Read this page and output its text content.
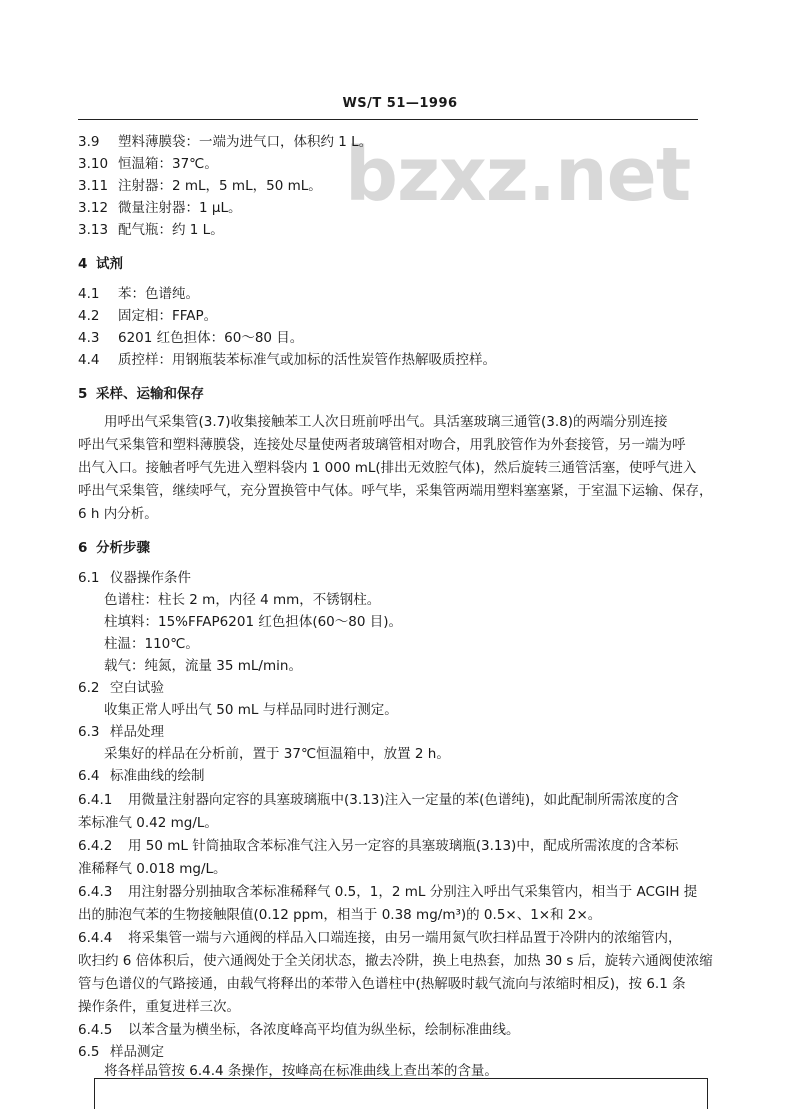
WS/T 51—1996
bzxz.net
3.9 塑料薄膜袋：一端为进气口，体积约 1 L。
3.10 恒温箱：37℃。
3.11 注射器：2 mL，5 mL，50 mL。
3.12 微量注射器：1 μL。
3.13 配气瓶：约 1 L。
4 试剂
4.1 苯：色谱纯。
4.2 固定相：FFAP。
4.3 6201 红色担体：60～80 目。
4.4 质控样：用钢瓶装苯标准气或加标的活性炭管作热解吸质控样。
5 采样、运输和保存
用呼出气采集管(3.7)收集接触苯工人次日班前呼出气。具活塞玻璃三通管(3.8)的两端分别连接
呼出气采集管和塑料薄膜袋，连接处尽量使两者玻璃管相对吻合，用乳胶管作为外套接管，另一端为呼
出气入口。接触者呼气先进入塑料袋内 1 000 mL(排出无效腔气体)，然后旋转三通管活塞，使呼气进入
呼出气采集管，继续呼气，充分置换管中气体。呼气毕，采集管两端用塑料塞塞紧，于室温下运输、保存，
6 h 内分析。
6 分析步骤
6.1 仪器操作条件
色谱柱：柱长 2 m，内径 4 mm，不锈钢柱。
柱填料：15%FFAP6201 红色担体(60～80 目)。
柱温：110℃。
载气：纯氮，流量 35 mL/min。
6.2 空白试验
收集正常人呼出气 50 mL 与样品同时进行测定。
6.3 样品处理
采集好的样品在分析前，置于 37℃恒温箱中，放置 2 h。
6.4 标准曲线的绘制
6.4.1 用微量注射器向定容的具塞玻璃瓶中(3.13)注入一定量的苯(色谱纯)，如此配制所需浓度的含
苯标准气 0.42 mg/L。
6.4.2 用 50 mL 针筒抽取含苯标准气注入另一定容的具塞玻璃瓶(3.13)中，配成所需浓度的含苯标
准稀释气 0.018 mg/L。
6.4.3 用注射器分别抽取含苯标准稀释气 0.5，1，2 mL 分别注入呼出气采集管内，相当于 ACGIH 提
出的肺泡气苯的生物接触限值(0.12 ppm，相当于 0.38 mg/m³)的 0.5×、1×和 2×。
6.4.4 将采集管一端与六通阀的样品入口端连接，由另一端用氮气吹扫样品置于冷阱内的浓缩管内，
吹扫约 6 倍体积后，使六通阀处于全关闭状态，撤去冷阱，换上电热套，加热 30 s 后，旋转六通阀使浓缩
管与色谱仪的气路接通，由载气将释出的苯带入色谱柱中(热解吸时载气流向与浓缩时相反)，按 6.1 条
操作条件，重复进样三次。
6.4.5 以苯含量为横坐标，各浓度峰高平均值为纵坐标，绘制标准曲线。
6.5 样品测定
将各样品管按 6.4.4 条操作，按峰高在标准曲线上查出苯的含量。
